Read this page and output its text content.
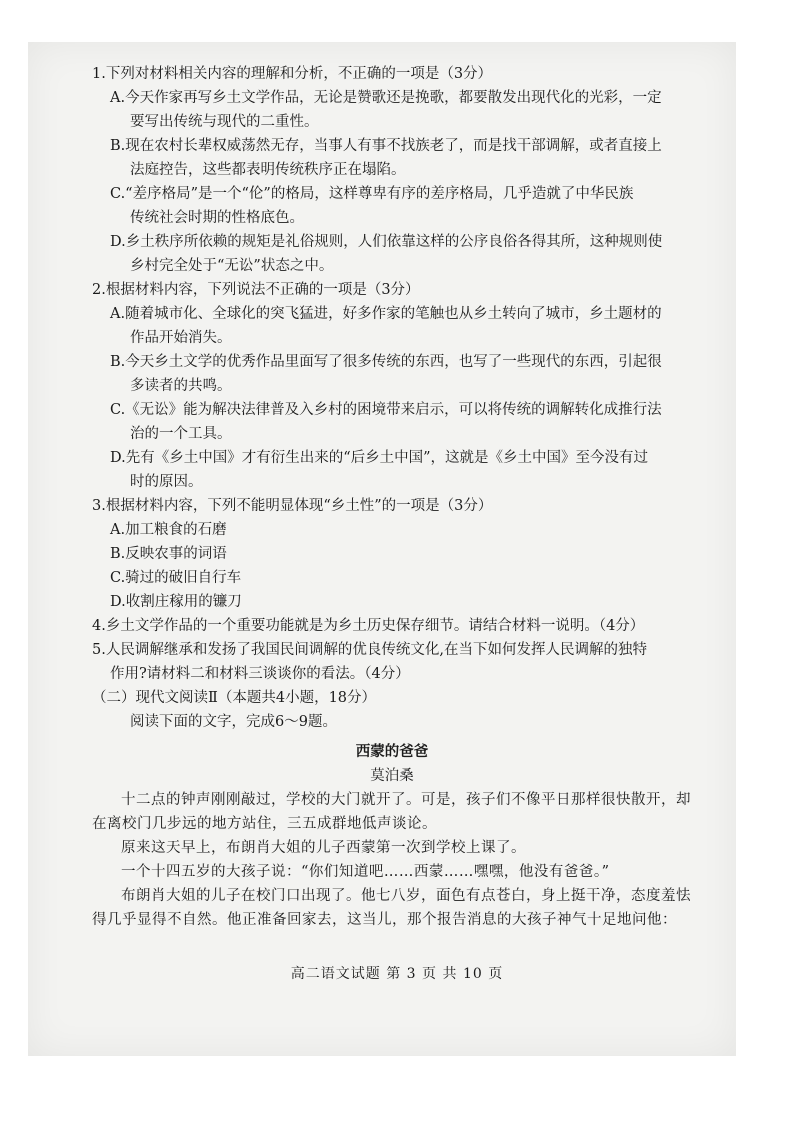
1.下列对材料相关内容的理解和分析，不正确的一项是（3分）

A.今天作家再写乡土文学作品，无论是赞歌还是挽歌，都要散发出现代化的光彩，一定

要写出传统与现代的二重性。

B.现在农村长辈权威荡然无存，当事人有事不找族老了，而是找干部调解，或者直接上

法庭控告，这些都表明传统秩序正在塌陷。

C.“差序格局”是一个“伦”的格局，这样尊卑有序的差序格局，几乎造就了中华民族

传统社会时期的性格底色。

D.乡土秩序所依赖的规矩是礼俗规则，人们依靠这样的公序良俗各得其所，这种规则使

乡村完全处于“无讼”状态之中。

2.根据材料内容，下列说法不正确的一项是（3分）

A.随着城市化、全球化的突飞猛进，好多作家的笔触也从乡土转向了城市，乡土题材的

作品开始消失。

B.今天乡土文学的优秀作品里面写了很多传统的东西，也写了一些现代的东西，引起很

多读者的共鸣。

C.《无讼》能为解决法律普及入乡村的困境带来启示，可以将传统的调解转化成推行法

治的一个工具。

D.先有《乡土中国》才有衍生出来的“后乡土中国”，这就是《乡土中国》至今没有过

时的原因。

3.根据材料内容，下列不能明显体现“乡土性”的一项是（3分）

A.加工粮食的石磨

B.反映农事的词语

C.骑过的破旧自行车

D.收割庄稼用的镰刀

4.乡土文学作品的一个重要功能就是为乡土历史保存细节。请结合材料一说明。（4分）

5.人民调解继承和发扬了我国民间调解的优良传统文化,在当下如何发挥人民调解的独特

作用?请材料二和材料三谈谈你的看法。（4分）

（二）现代文阅读Ⅱ（本题共4小题，18分）

阅读下面的文字，完成6～9题。

西蒙的爸爸

莫泊桑

十二点的钟声刚刚敲过，学校的大门就开了。可是，孩子们不像平日那样很快散开，却在离校门几步远的地方站住，三五成群地低声谈论。

原来这天早上，布朗肖大姐的儿子西蒙第一次到学校上课了。

一个十四五岁的大孩子说：“你们知道吧……西蒙……嘿嘿，他没有爸爸。”

布朗肖大姐的儿子在校门口出现了。他七八岁，面色有点苍白，身上挺干净，态度羞怯得几乎显得不自然。他正准备回家去，这当儿，那个报告消息的大孩子神气十足地问他：

高二语文试题 第 3 页 共 10 页
